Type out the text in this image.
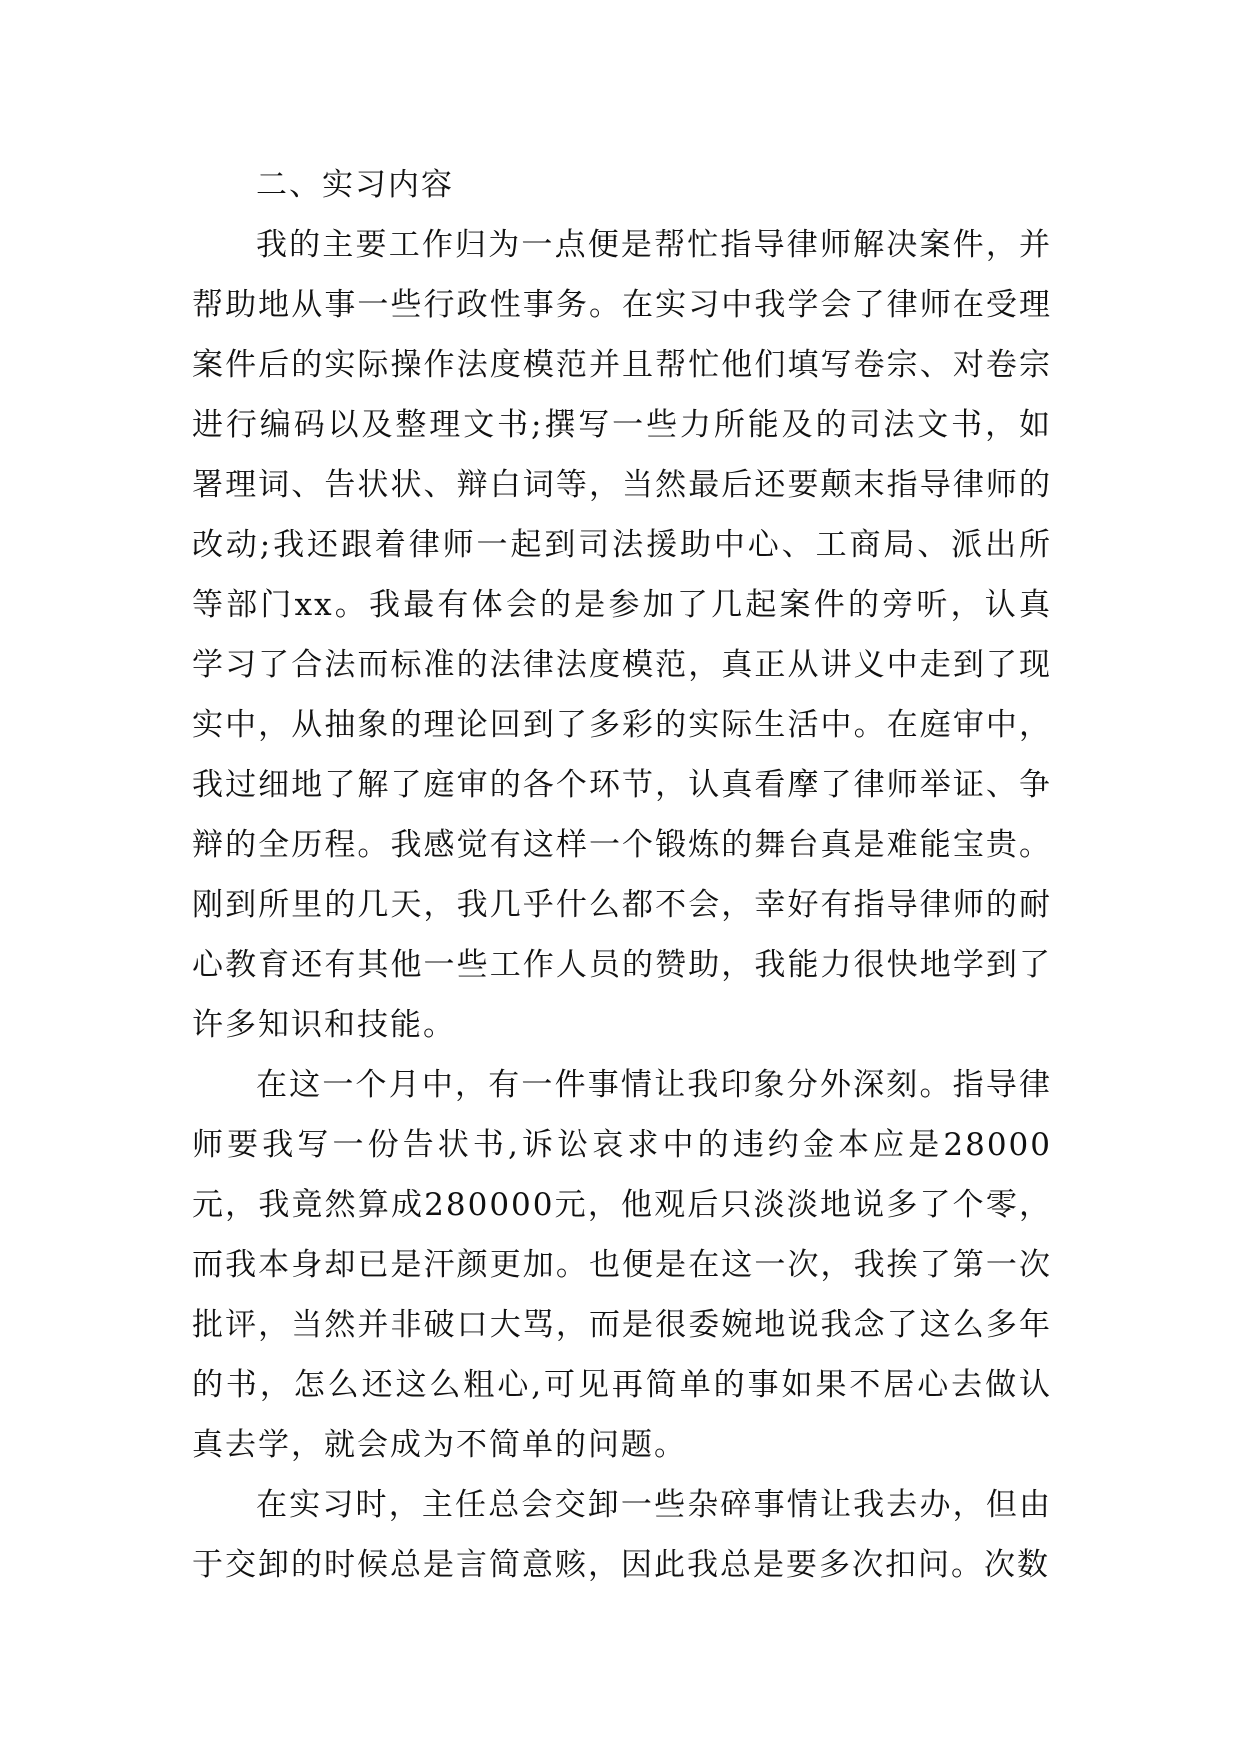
二、实习内容

我的主要工作归为一点便是帮忙指导律师解决案件，并帮助地从事一些行政性事务。在实习中我学会了律师在受理案件后的实际操作法度模范并且帮忙他们填写卷宗、对卷宗进行编码以及整理文书;撰写一些力所能及的司法文书，如署理词、告状状、辩白词等，当然最后还要颠末指导律师的改动;我还跟着律师一起到司法援助中心、工商局、派出所等部门xx。我最有体会的是参加了几起案件的旁听，认真学习了合法而标准的法律法度模范，真正从讲义中走到了现实中，从抽象的理论回到了多彩的实际生活中。在庭审中，我过细地了解了庭审的各个环节，认真看摩了律师举证、争辩的全历程。我感觉有这样一个锻炼的舞台真是难能宝贵。刚到所里的几天，我几乎什么都不会，幸好有指导律师的耐心教育还有其他一些工作人员的赞助，我能力很快地学到了许多知识和技能。

在这一个月中，有一件事情让我印象分外深刻。指导律师要我写一份告状书,诉讼哀求中的违约金本应是28000元，我竟然算成280000元，他观后只淡淡地说多了个零，而我本身却已是汗颜更加。也便是在这一次，我挨了第一次批评，当然并非破口大骂，而是很委婉地说我念了这么多年的书，怎么还这么粗心,可见再简单的事如果不居心去做认真去学，就会成为不简单的问题。

在实习时，主任总会交卸一些杂碎事情让我去办，但由于交卸的时候总是言简意赅，因此我总是要多次扣问。次数
